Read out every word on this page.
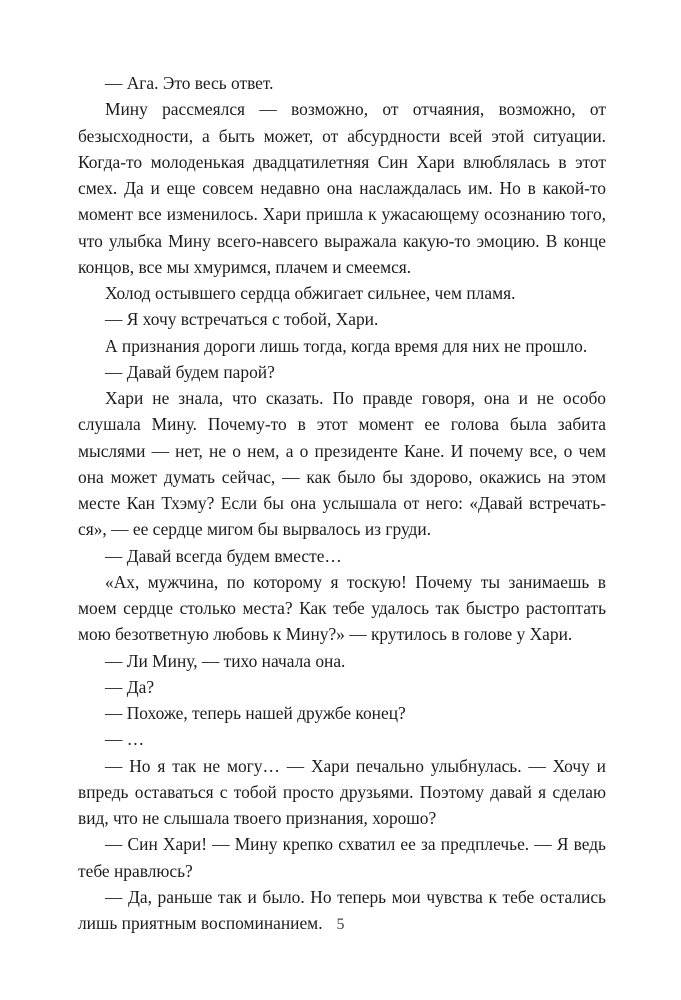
— Ага. Это весь ответ.

Мину рассмеялся — возможно, от отчаяния, возможно, от безысходности, а быть может, от абсурдности всей этой ситуации. Когда-то молоденькая двадцатилетняя Син Хари влюблялась в этот смех. Да и еще совсем недавно она наслаждалась им. Но в какой-то момент все изменилось. Хари пришла к ужасающему осознанию того, что улыбка Мину всего-навсего выражала какую-то эмоцию. В конце концов, все мы хмуримся, плачем и смеемся.

Холод остывшего сердца обжигает сильнее, чем пламя.

— Я хочу встречаться с тобой, Хари.

А признания дороги лишь тогда, когда время для них не прошло.

— Давай будем парой?

Хари не знала, что сказать. По правде говоря, она и не особо слушала Мину. Почему-то в этот момент ее голова была забита мыслями — нет, не о нем, а о президенте Кане. И почему все, о чем она может думать сейчас, — как было бы здорово, окажись на этом месте Кан Тхэму? Если бы она услышала от него: «Давай встречаться», — ее сердце мигом бы вырвалось из груди.

— Давай всегда будем вместе…

«Ах, мужчина, по которому я тоскую! Почему ты занимаешь в моем сердце столько места? Как тебе удалось так быстро растоптать мою безответную любовь к Мину?» — крутилось в голове у Хари.

— Ли Мину, — тихо начала она.

— Да?

— Похоже, теперь нашей дружбе конец?

— …

— Но я так не могу… — Хари печально улыбнулась. — Хочу и впредь оставаться с тобой просто друзьями. Поэтому давай я сделаю вид, что не слышала твоего признания, хорошо?

— Син Хари! — Мину крепко схватил ее за предплечье. — Я ведь тебе нравлюсь?

— Да, раньше так и было. Но теперь мои чувства к тебе остались лишь приятным воспоминанием. 5
